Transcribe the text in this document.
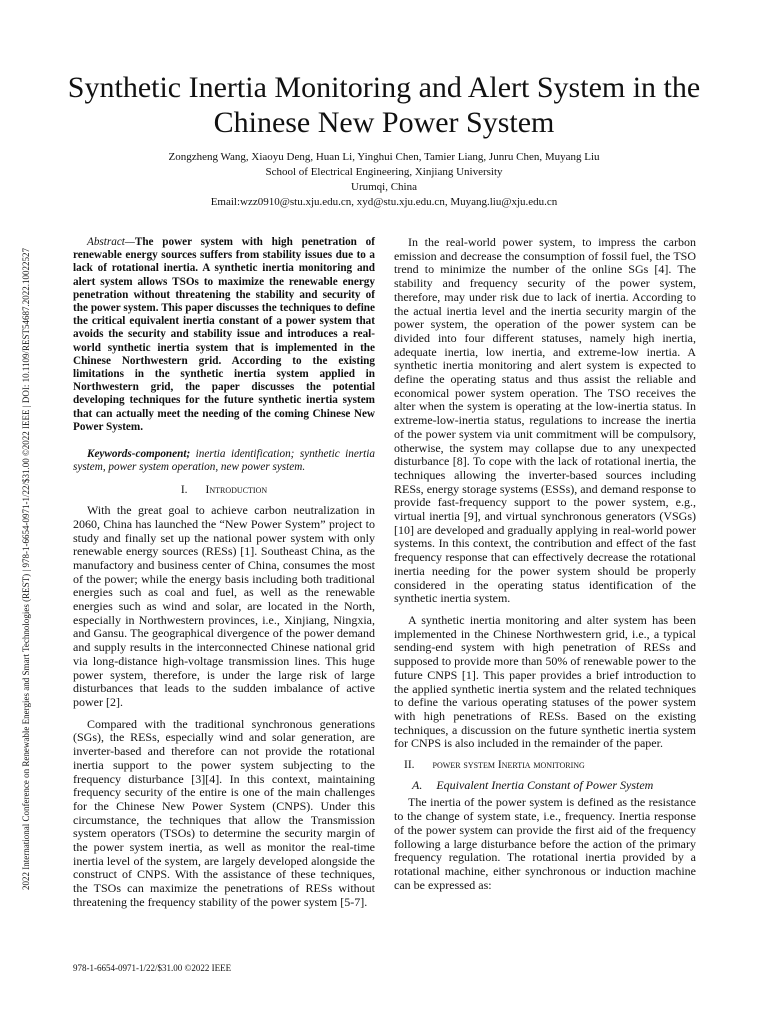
2022 International Conference on Renewable Energies and Smart Technologies (REST) | 978-1-6654-0971-1/22/$31.00 ©2022 IEEE | DOI: 10.1109/REST54687.2022.10022527
Synthetic Inertia Monitoring and Alert System in the Chinese New Power System
Zongzheng Wang, Xiaoyu Deng, Huan Li, Yinghui Chen, Tamier Liang, Junru Chen, Muyang Liu
School of Electrical Engineering, Xinjiang University
Urumqi, China
Email:wzz0910@stu.xju.edu.cn, xyd@stu.xju.edu.cn, Muyang.liu@xju.edu.cn

Abstract—The power system with high penetration of renewable energy sources suffers from stability issues due to a lack of rotational inertia. A synthetic inertia monitoring and alert system allows TSOs to maximize the renewable energy penetration without threatening the stability and security of the power system. This paper discusses the techniques to define the critical equivalent inertia constant of a power system that avoids the security and stability issue and introduces a real-world synthetic inertia system that is implemented in the Chinese Northwestern grid. According to the existing limitations in the synthetic inertia system applied in Northwestern grid, the paper discusses the potential developing techniques for the future synthetic inertia system that can actually meet the needing of the coming Chinese New Power System.

Keywords-component; inertia identification; synthetic inertia system, power system operation, new power system.

I. Introduction

With the great goal to achieve carbon neutralization in 2060, China has launched the “New Power System” project to study and finally set up the national power system with only renewable energy sources (RESs) [1]. Southeast China, as the manufactory and business center of China, consumes the most of the power; while the energy basis including both traditional energies such as coal and fuel, as well as the renewable energies such as wind and solar, are located in the North, especially in Northwestern provinces, i.e., Xinjiang, Ningxia, and Gansu. The geographical divergence of the power demand and supply results in the interconnected Chinese national grid via long-distance high-voltage transmission lines. This huge power system, therefore, is under the large risk of large disturbances that leads to the sudden imbalance of active power [2].

Compared with the traditional synchronous generations (SGs), the RESs, especially wind and solar generation, are inverter-based and therefore can not provide the rotational inertia support to the power system subjecting to the frequency disturbance [3][4]. In this context, maintaining frequency security of the entire is one of the main challenges for the Chinese New Power System (CNPS). Under this circumstance, the techniques that allow the Transmission system operators (TSOs) to determine the security margin of the power system inertia, as well as monitor the real-time inertia level of the system, are largely developed alongside the construct of CNPS. With the assistance of these techniques, the TSOs can maximize the penetrations of RESs without threatening the frequency stability of the power system [5-7].

In the real-world power system, to impress the carbon emission and decrease the consumption of fossil fuel, the TSO trend to minimize the number of the online SGs [4]. The stability and frequency security of the power system, therefore, may under risk due to lack of inertia. According to the actual inertia level and the inertia security margin of the power system, the operation of the power system can be divided into four different statuses, namely high inertia, adequate inertia, low inertia, and extreme-low inertia. A synthetic inertia monitoring and alert system is expected to define the operating status and thus assist the reliable and economical power system operation. The TSO receives the alter when the system is operating at the low-inertia status. In extreme-low-inertia status, regulations to increase the inertia of the power system via unit commitment will be compulsory, otherwise, the system may collapse due to any unexpected disturbance [8]. To cope with the lack of rotational inertia, the techniques allowing the inverter-based sources including RESs, energy storage systems (ESSs), and demand response to provide fast-frequency support to the power system, e.g., virtual inertia [9], and virtual synchronous generators (VSGs) [10] are developed and gradually applying in real-world power systems. In this context, the contribution and effect of the fast frequency response that can effectively decrease the rotational inertia needing for the power system should be properly considered in the operating status identification of the synthetic inertia system.

A synthetic inertia monitoring and alter system has been implemented in the Chinese Northwestern grid, i.e., a typical sending-end system with high penetration of RESs and supposed to provide more than 50% of renewable power to the future CNPS [1]. This paper provides a brief introduction to the applied synthetic inertia system and the related techniques to define the various operating statuses of the power system with high penetrations of RESs. Based on the existing techniques, a discussion on the future synthetic inertia system for CNPS is also included in the remainder of the paper.

II. power system Inertia monitoring
A. Equivalent Inertia Constant of Power System

The inertia of the power system is defined as the resistance to the change of system state, i.e., frequency. Inertia response of the power system can provide the first aid of the frequency following a large disturbance before the action of the primary frequency regulation. The rotational inertia provided by a rotational machine, either synchronous or induction machine can be expressed as:

978-1-6654-0971-1/22/$31.00 ©2022 IEEE
